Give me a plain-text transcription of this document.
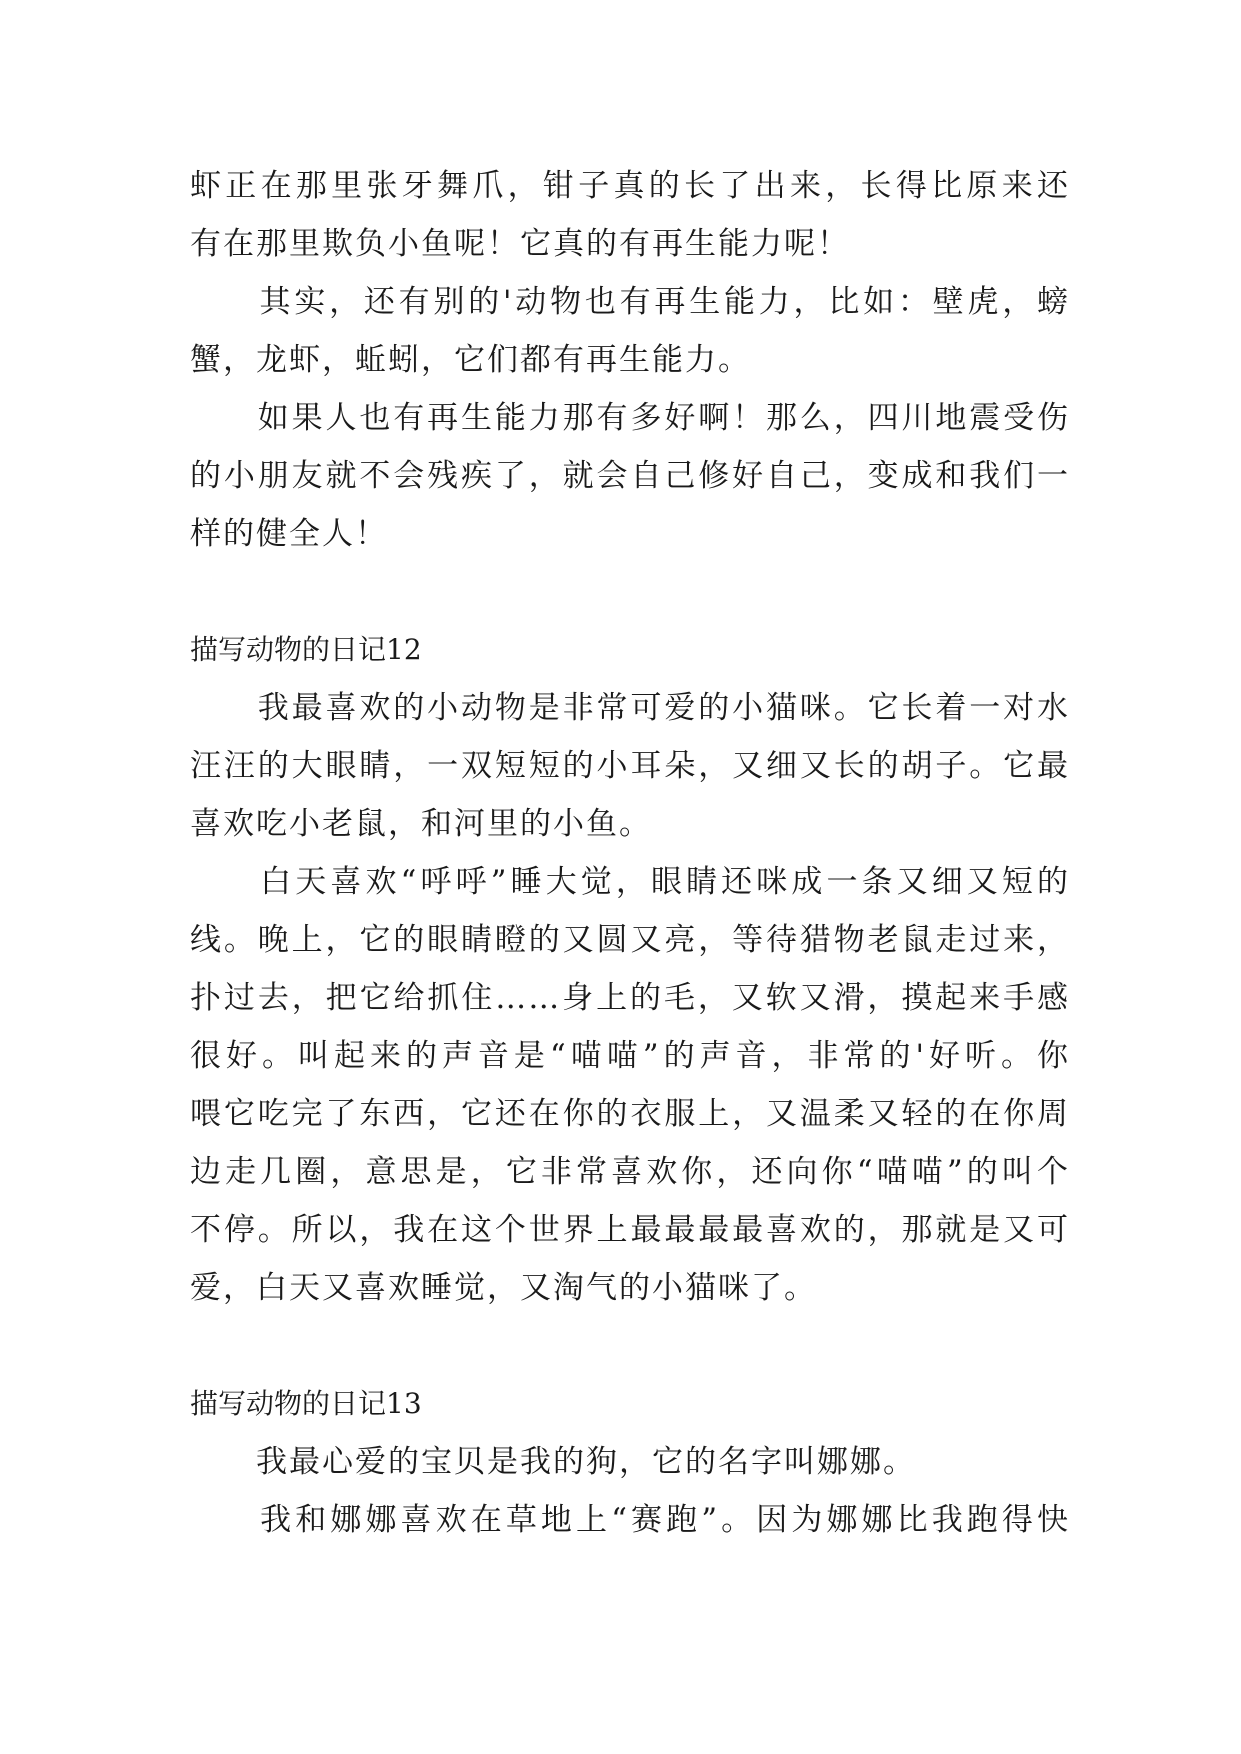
虾正在那里张牙舞爪，钳子真的长了出来，长得比原来还
有在那里欺负小鱼呢！它真的有再生能力呢！
　　其实，还有别的'动物也有再生能力，比如：壁虎，螃
蟹，龙虾，蚯蚓，它们都有再生能力。
　　如果人也有再生能力那有多好啊！那么，四川地震受伤
的小朋友就不会残疾了，就会自己修好自己，变成和我们一
样的健全人！
描写动物的日记12
　　我最喜欢的小动物是非常可爱的小猫咪。它长着一对水
汪汪的大眼睛，一双短短的小耳朵，又细又长的胡子。它最
喜欢吃小老鼠，和河里的小鱼。
　　白天喜欢“呼呼”睡大觉，眼睛还咪成一条又细又短的
线。晚上，它的眼睛瞪的又圆又亮，等待猎物老鼠走过来，
扑过去，把它给抓住……身上的毛，又软又滑，摸起来手感
很好。叫起来的声音是“喵喵”的声音，非常的'好听。你
喂它吃完了东西，它还在你的衣服上，又温柔又轻的在你周
边走几圈，意思是，它非常喜欢你，还向你“喵喵”的叫个
不停。所以，我在这个世界上最最最最喜欢的，那就是又可
爱，白天又喜欢睡觉，又淘气的小猫咪了。
描写动物的日记13
　　我最心爱的宝贝是我的狗，它的名字叫娜娜。
　　我和娜娜喜欢在草地上“赛跑”。因为娜娜比我跑得快
